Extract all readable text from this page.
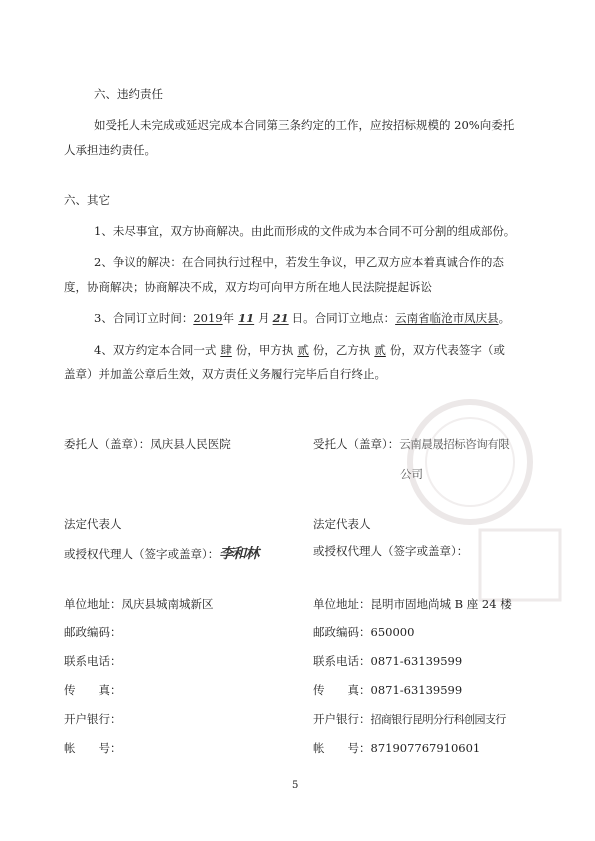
六、违约责任
如受托人未完成或延迟完成本合同第三条约定的工作，应按招标规模的 20%向委托
人承担违约责任。
六、其它
1、未尽事宜，双方协商解决。由此而形成的文件成为本合同不可分割的组成部份。
2、争议的解决：在合同执行过程中，若发生争议，甲乙双方应本着真诚合作的态
度，协商解决；协商解决不成，双方均可向甲方所在地人民法院提起诉讼
3、合同订立时间：2019年 11 月 21 日。合同订立地点：云南省临沧市凤庆县。
4、双方约定本合同一式 肆 份，甲方执 贰 份，乙方执 贰 份，双方代表签字（或
盖章）并加盖公章后生效，双方责任义务履行完毕后自行终止。
委托人（盖章）：凤庆县人民医院
法定代表人
或授权代理人（签字或盖章）：李和林
单位地址：凤庆县城南城新区
邮政编码：
联系电话：
传　　真：
开户银行：
帐　　号：
受托人（盖章）：云南晨晟招标咨询有限
公司
法定代表人
或授权代理人（签字或盖章）：
单位地址：昆明市固地尚城 B 座 24 楼
邮政编码：650000
联系电话：0871-63139599
传　　真：0871-63139599
开户银行：招商银行昆明分行科创园支行
帐　　号：871907767910601
5
